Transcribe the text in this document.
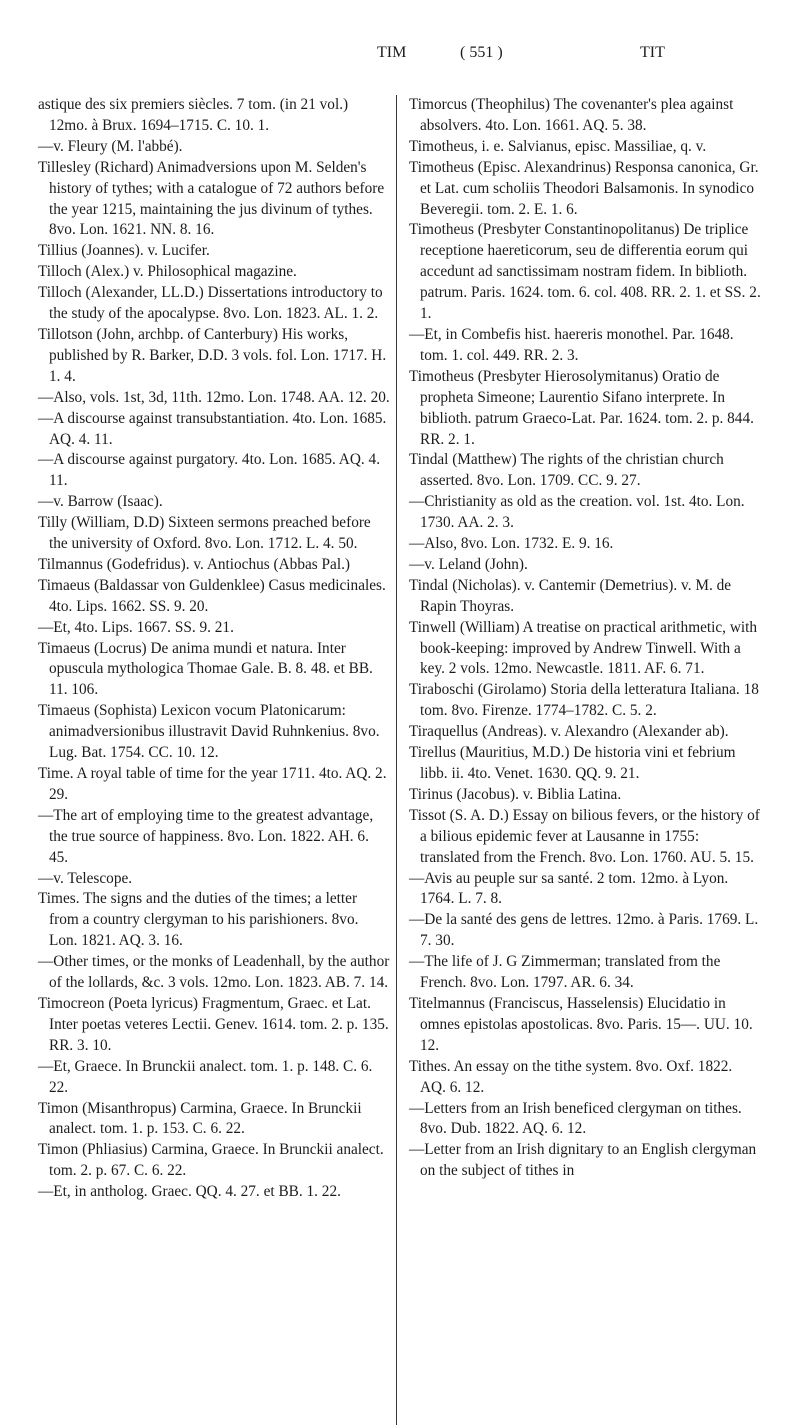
TIM	( 551 )	TIT
astique des six premiers siècles. 7 tom. (in 21 vol.) 12mo. à Brux. 1694–1715. C. 10. 1.
—v. Fleury (M. l'abbé).
Tillesley (Richard) Animadversions upon M. Selden's history of tythes; with a catalogue of 72 authors before the year 1215, maintaining the jus divinum of tythes. 8vo. Lon. 1621. NN. 8. 16.
Tillius (Joannes). v. Lucifer.
Tilloch (Alex.) v. Philosophical magazine.
Tilloch (Alexander, LL.D.) Dissertations introductory to the study of the apocalypse. 8vo. Lon. 1823. AL. 1. 2.
Tillotson (John, archbp. of Canterbury) His works, published by R. Barker, D.D. 3 vols. fol. Lon. 1717. H. 1. 4.
—Also, vols. 1st, 3d, 11th. 12mo. Lon. 1748. AA. 12. 20.
—A discourse against transubstantiation. 4to. Lon. 1685. AQ. 4. 11.
—A discourse against purgatory. 4to. Lon. 1685. AQ. 4. 11.
—v. Barrow (Isaac).
Tilly (William, D.D) Sixteen sermons preached before the university of Oxford. 8vo. Lon. 1712. L. 4. 50.
Tilmannus (Godefridus). v. Antiochus (Abbas Pal.)
Timaeus (Baldassar von Guldenklee) Casus medicinales. 4to. Lips. 1662. SS. 9. 20.
—Et, 4to. Lips. 1667. SS. 9. 21.
Timaeus (Locrus) De anima mundi et natura. Inter opuscula mythologica Thomae Gale. B. 8. 48. et BB. 11. 106.
Timaeus (Sophista) Lexicon vocum Platonicarum: animadversionibus illustravit David Ruhnkenius. 8vo. Lug. Bat. 1754. CC. 10. 12.
Time. A royal table of time for the year 1711. 4to. AQ. 2. 29.
—The art of employing time to the greatest advantage, the true source of happiness. 8vo. Lon. 1822. AH. 6. 45.
—v. Telescope.
Times. The signs and the duties of the times; a letter from a country clergyman to his parishioners. 8vo. Lon. 1821. AQ. 3. 16.
—Other times, or the monks of Leadenhall, by the author of the lollards, &c. 3 vols. 12mo. Lon. 1823. AB. 7. 14.
Timocreon (Poeta lyricus) Fragmentum, Graec. et Lat. Inter poetas veteres Lectii. Genev. 1614. tom. 2. p. 135. RR. 3. 10.
—Et, Graece. In Brunckii analect. tom. 1. p. 148. C. 6. 22.
Timon (Misanthropus) Carmina, Graece. In Brunckii analect. tom. 1. p. 153. C. 6. 22.
Timon (Phliasius) Carmina, Graece. In Brunckii analect. tom. 2. p. 67. C. 6. 22.
—Et, in antholog. Graec. QQ. 4. 27. et BB. 1. 22.
Timorcus (Theophilus) The covenanter's plea against absolvers. 4to. Lon. 1661. AQ. 5. 38.
Timotheus, i. e. Salvianus, episc. Massiliae, q. v.
Timotheus (Episc. Alexandrinus) Responsa canonica, Gr. et Lat. cum scholiis Theodori Balsamonis. In synodico Beveregii. tom. 2. E. 1. 6.
Timotheus (Presbyter Constantinopolitanus) De triplice receptione haereticorum, seu de differentia eorum qui accedunt ad sanctissimam nostram fidem. In biblioth. patrum. Paris. 1624. tom. 6. col. 408. RR. 2. 1. et SS. 2. 1.
—Et, in Combefis hist. haereris monothel. Par. 1648. tom. 1. col. 449. RR. 2. 3.
Timotheus (Presbyter Hierosolymitanus) Oratio de propheta Simeone; Laurentio Sifano interprete. In biblioth. patrum Graeco-Lat. Par. 1624. tom. 2. p. 844. RR. 2. 1.
Tindal (Matthew) The rights of the christian church asserted. 8vo. Lon. 1709. CC. 9. 27.
—Christianity as old as the creation. vol. 1st. 4to. Lon. 1730. AA. 2. 3.
—Also, 8vo. Lon. 1732. E. 9. 16.
—v. Leland (John).
Tindal (Nicholas). v. Cantemir (Demetrius). v. M. de Rapin Thoyras.
Tinwell (William) A treatise on practical arithmetic, with book-keeping: improved by Andrew Tinwell. With a key. 2 vols. 12mo. Newcastle. 1811. AF. 6. 71.
Tiraboschi (Girolamo) Storia della letteratura Italiana. 18 tom. 8vo. Firenze. 1774–1782. C. 5. 2.
Tiraquellus (Andreas). v. Alexandro (Alexander ab).
Tirellus (Mauritius, M.D.) De historia vini et febrium libb. ii. 4to. Venet. 1630. QQ. 9. 21.
Tirinus (Jacobus). v. Biblia Latina.
Tissot (S. A. D.) Essay on bilious fevers, or the history of a bilious epidemic fever at Lausanne in 1755: translated from the French. 8vo. Lon. 1760. AU. 5. 15.
—Avis au peuple sur sa santé. 2 tom. 12mo. à Lyon. 1764. L. 7. 8.
—De la santé des gens de lettres. 12mo. à Paris. 1769. L. 7. 30.
—The life of J. G Zimmerman; translated from the French. 8vo. Lon. 1797. AR. 6. 34.
Titelmannus (Franciscus, Hasselensis) Elucidatio in omnes epistolas apostolicas. 8vo. Paris. 15—. UU. 10. 12.
Tithes. An essay on the tithe system. 8vo. Oxf. 1822. AQ. 6. 12.
—Letters from an Irish beneficed clergyman on tithes. 8vo. Dub. 1822. AQ. 6. 12.
—Letter from an Irish dignitary to an English clergyman on the subject of tithes in
